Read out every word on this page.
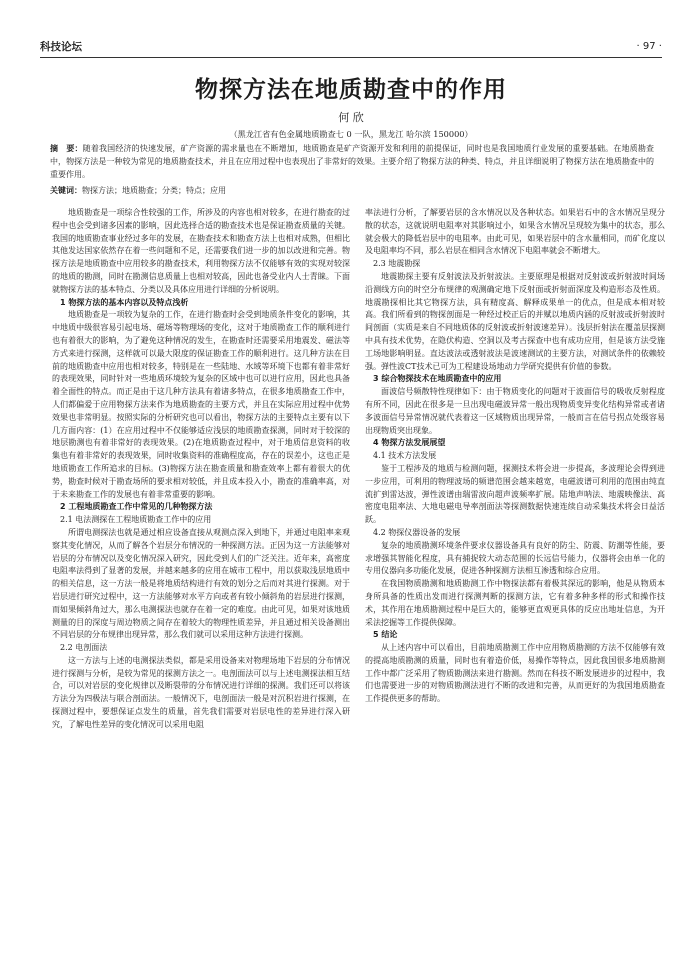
科技论坛	· 97 ·
物探方法在地质勘查中的作用
何 欣
（黑龙江省有色金属地质勘查七 0 一队，黑龙江 哈尔滨 150000）
摘　要：随着我国经济的快速发展，矿产资源的需求量也在不断增加，地质勘查是矿产资源开发和利用的前提保证，同时也是我国地质行业发展的重要基础。在地质勘查中，物探方法是一种较为常见的地质勘查技术，并且在应用过程中也表现出了非常好的效果。主要介绍了物探方法的种类、特点，并且详细说明了物探方法在地质勘查中的重要作用。
关键词：物探方法；地质勘查；分类；特点；应用

地质勘查是一项综合性较强的工作，所涉及的内容也相对较多，在进行勘查的过程中也会受到诸多因素的影响，因此选择合适的勘查技术也是保证勘查质量的关键。我国的地质勘查事业经过多年的发展，在勘查技术和勘查方法上也相对成熟，但相比其他发达国家依然存在着一些问题和不足，还需要我们进一步的加以改进和完善。物探方法是地质勘查中应用较多的勘查技术，利用物探方法不仅能够有效的实现对较深的地质的勘测，同时在勘测信息质量上也相对较高，因此也备受业内人士青睐。下面就物探方法的基本特点、分类以及具体应用进行详细的分析说明。

1 物探方法的基本内容以及特点浅析

地质勘查是一项较为复杂的工作，在进行勘查时会受到地质条件变化的影响，其中地质中级很容易引起电场、磁场等物理场的变化，这对于地质勘查工作的顺利进行也有着很大的影响，为了避免这种情况的发生，在勘查时还需要采用地震发、磁法等方式来进行探测，这样就可以最大限度的保证勘查工作的顺利进行。这几种方法在目前的地质勘查中应用也相对较多，特别是在一些陆地、水域等环境下也都有着非常好的表现效果，同时针对一些地质环境较为复杂的区域中也可以进行应用，因此也具备着全面性的特点。而正是由于这几种方法具有着诸多特点，在很多地质勘查工作中，人们都偏爱于应用物探方法来作为地质勘查的主要方式，并且在实际应用过程中优势效果也非常明显。按照实际的分析研究也可以看出，物探方法的主要特点主要有以下几方面内容：(1）在应用过程中不仅能够适应浅层的地质勘查探测，同时对于较深的地层勘测也有着非常好的表现效果。(2)在地质勘查过程中，对于地质信息资料的收集也有着非常好的表现效果，同时收集资料的准确程度高，存在的误差小，这也正是地质勘查工作所追求的目标。(3)物探方法在勘查质量和勘查效率上都有着很大的优势，勘查时候对于勘查场所的要求相对较低，并且成本投入小，勘查的准确率高，对于未来勘查工作的发展也有着非常重要的影响。

2 工程地质勘查工作中常见的几种物探方法
2.1 电法测探在工程地质勘查工作中的应用

所谓电测探法也就是通过相应设备直接从观测点深入到地下，并通过电阻率来观察其变化情况，从而了解各个岩层分布情况的一种探测方法。正因为这一方法能够对岩层的分布情况以及变化情况深入研究，因此受到人们的广泛关注。近年来，高密度电阻率法得到了显著的发展，并越来越多的应用在城市工程中，用以获取浅层地质中的相关信息，这一方法一般是将地质结构进行有效的划分之后而对其进行探测。对于岩层进行研究过程中，这一方法能够对水平方向或者有较小倾斜角的岩层进行探测，而如果倾斜角过大，那么电测探法也就存在着一定的难度。由此可见，如果对该地质测量的目的深度与周边物质之间存在着较大的物理性质差异，并且通过相关设备测出不同岩层的分布规律出现异常，那么我们就可以采用这种方法进行探测。

2.2 电剖面法

这一方法与上述的电测探法类似，都是采用设备来对物理场地下岩层的分布情况进行探测与分析，是较为常见的探测方法之一。电剖面法可以与上述电测探法相互结合，可以对岩层的变化规律以及断裂带的分布情况进行详细的探测。我们还可以将该方法分为四极法与联合剖面法。一般情况下，电剖面法一般是对沉积岩进行探测，在探测过程中，要想保证点发生的质量，首先我们需要对岩层电性的差异进行深入研究，了解电性差异的变化情况可以采用电阻

率法进行分析，了解要岩层的含水情况以及各种状态。如果岩石中的含水情况呈现分散的状态，这就说明电阻率对其影响过小，如果含水情况呈现较为集中的状态，那么就会极大的降低岩层中的电阻率。由此可见，如果岩层中的含水量相同，而矿化度以及电阻率均不同，那么岩层在相同含水情况下电阻率就会不断增大。

2.3 地震勘探

地震勘探主要有反射波法及折射波法。主要原理是根据对反射波或折射波时间场沿测线方向的时空分布规律的观测确定地下反射面或折射面深度及构造形态及性质。地震勘探相比其它物探方法，具有精度高、解释成果单一的优点，但是成本相对较高。我们所看到的物探剖面是一种经过校正后的并赋以地质内涵的反射波或折射波时间剖面（实质是来自不同地质体的反射波或折射波速差异）。浅层折射法在覆盖层探测中具有技术优势，在隐伏构造、空洞以及考古探查中也有成功应用，但是该方法受施工场地影响明显。直达波法或透射波法是波速测试的主要方法，对测试条件的依赖较强。弹性波CT技术已可为工程建设场地动力学研究提供有价值的参数。

3 综合物探技术在地质勘查中的应用

面波信号频散特性现律如下：由于物质变化的问题对于波面信号的吸收反射程度有所不同，因此在很多是一旦出现电磁波异常一般出现物质变异变化结构异常或者诸多波面信号异常情况就代表着这一区域物质出现异常，一般而言在信号拐点处级容易出现物质突出现象。

4 物探方法发展展望
4.1 技术方法发展

鉴于工程涉及的地质与检测问题，探测技术将会进一步提高，多波理论会得到进一步应用，可利用的物理波场的频谱范围会越来越宽，电磁波谱可利用的范围由纯直流扩到雷达波，弹性波谱由瑞雷波向超声波频率扩展。陆地声呐法、地震映像法、高密度电阻率法、大地电磁电导率剖面法等探测数据快速连续自动采集技术将会日益活跃。

4.2 物探仪器设备的发展

复杂的地质勘测环境条件要求仪器设备具有良好的防尘、防震、防潮等性能，要求增强其智能化程度，具有捕捉较大动态范围的长远信号能力，仪器将会由单一化的专用仪器向多功能化发展，促进各种探测方法相互渗透和综合应用。

在我国物质勘测和地质勘测工作中物探法都有着极其深远的影响，他是从物质本身所具备的性质出发而进行探测判断的探测方法，它有着多种多样的形式和操作技术，其作用在地质勘测过程中是巨大的，能够更直观更具体的反应出地址信息，为开采法挖掘等工作提供保障。

5 结论

从上述内容中可以看出，目前地质勘测工作中应用物质勘测的方法不仅能够有效的提高地质勘测的质量，同时也有着造价低，易操作等特点，因此我国很多地质勘测工作中都广泛采用了物质勘测法来进行勘测。然而在科技不断发展进步的过程中，我们也需要进一步的对物质勘测法进行不断的改进和完善，从而更好的为我国地质勘查工作提供更多的帮助。
